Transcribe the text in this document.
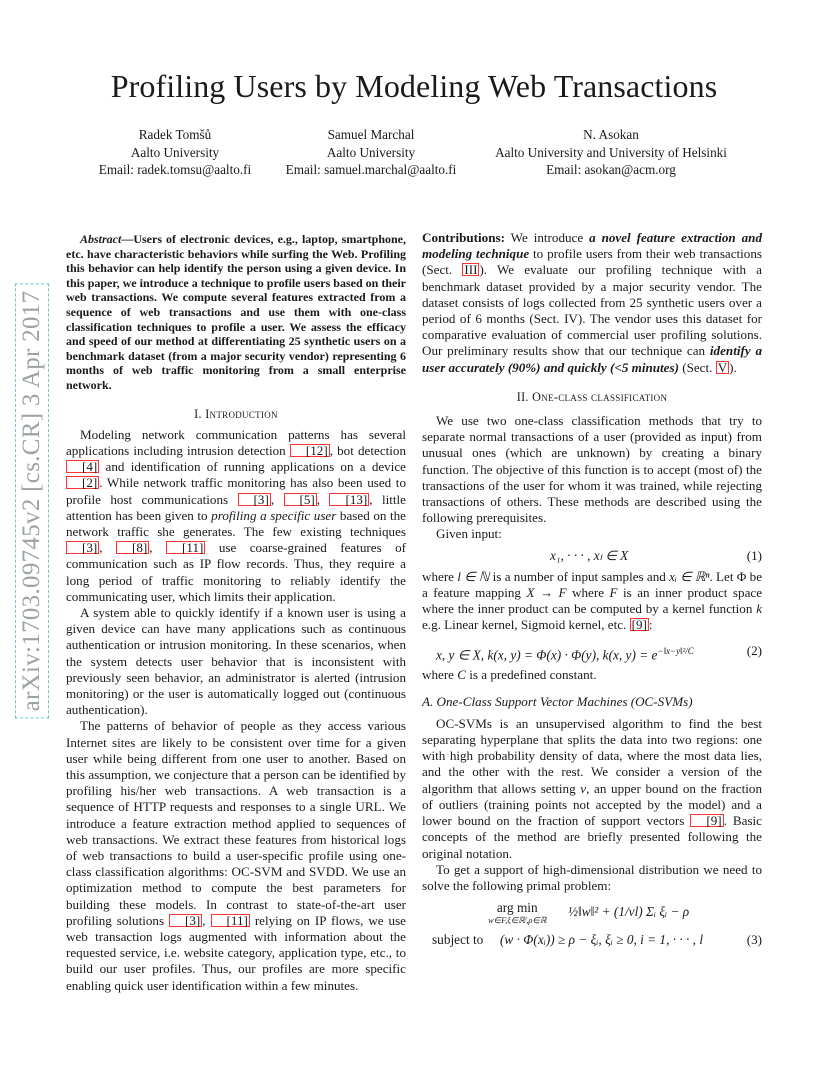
arXiv:1703.09745v2 [cs.CR] 3 Apr 2017
Profiling Users by Modeling Web Transactions
Radek Tomšů
Aalto University
Email: radek.tomsu@aalto.fi
Samuel Marchal
Aalto University
Email: samuel.marchal@aalto.fi
N. Asokan
Aalto University and University of Helsinki
Email: asokan@acm.org

Abstract—Users of electronic devices, e.g., laptop, smartphone, etc. have characteristic behaviors while surfing the Web. Profiling this behavior can help identify the person using a given device. In this paper, we introduce a technique to profile users based on their web transactions. We compute several features extracted from a sequence of web transactions and use them with one-class classification techniques to profile a user. We assess the efficacy and speed of our method at differentiating 25 synthetic users on a benchmark dataset (from a major security vendor) representing 6 months of web traffic monitoring from a small enterprise network.

I. Introduction

Modeling network communication patterns has several applications including intrusion detection [12] , bot detection [4] and identification of running applications on a device [2] . While network traffic monitoring has also been used to profile host communications [3] , [5] , [13] , little attention has been given to profiling a specific user based on the network traffic she generates. The few existing techniques [3] , [8] , [11] use coarse-grained features of communication such as IP flow records. Thus, they require a long period of traffic monitoring to reliably identify the communicating user, which limits their application.

A system able to quickly identify if a known user is using a given device can have many applications such as continuous authentication or intrusion monitoring. In these scenarios, when the system detects user behavior that is inconsistent with previously seen behavior, an administrator is alerted (intrusion monitoring) or the user is automatically logged out (continuous authentication).

The patterns of behavior of people as they access various Internet sites are likely to be consistent over time for a given user while being different from one user to another. Based on this assumption, we conjecture that a person can be identified by profiling his/her web transactions. A web transaction is a sequence of HTTP requests and responses to a single URL. We introduce a feature extraction method applied to sequences of web transactions. We extract these features from historical logs of web transactions to build a user-specific profile using one-class classification algorithms: OC-SVM and SVDD. We use an optimization method to compute the best parameters for building these models. In contrast to state-of-the-art user profiling solutions [3] , [11] relying on IP flows, we use web transaction logs augmented with information about the requested service, i.e. website category, application type, etc., to build our user profiles. Thus, our profiles are more specific enabling quick user identification within a few minutes.

Contributions: We introduce a novel feature extraction and modeling technique to profile users from their web transactions (Sect. III ). We evaluate our profiling technique with a benchmark dataset provided by a major security vendor. The dataset consists of logs collected from 25 synthetic users over a period of 6 months (Sect. IV). The vendor uses this dataset for comparative evaluation of commercial user profiling solutions. Our preliminary results show that our technique can identify a user accurately (90%) and quickly (<5 minutes) (Sect. V ).

II. One-class classification

We use two one-class classification methods that try to separate normal transactions of a user (provided as input) from unusual ones (which are unknown) by creating a binary function. The objective of this function is to accept (most of) the transactions of the user for whom it was trained, while rejecting transactions of others. These methods are described using the following prerequisites.

Given input:

x₁, · · · , xₗ ∈ X	(1)

where l ∈ ℕ is a number of input samples and xᵢ ∈ ℝⁿ. Let Φ be a feature mapping X → F where F is an inner product space where the inner product can be computed by a kernel function k e.g. Linear kernel, Sigmoid kernel, etc. [9] :

x, y ∈ X, k(x, y) = Φ(x) · Φ(y), k(x, $y) = e^{-‖x-y‖^2/C}$	(2)

where C is a predefined constant.

A. One-Class Support Vector Machines (OC-SVMs)

OC-SVMs is an unsupervised algorithm to find the best separating hyperplane that splits the data into two regions: one with high probability density of data, where the most data lies, and the other with the rest. We consider a version of the algorithm that allows setting ν, an upper bound on the fraction of outliers (training points not accepted by the model) and a lower bound on the fraction of support vectors [9] . Basic concepts of the method are briefly presented following the original notation.

To get a support of high-dimensional distribution we need to solve the following primal problem:

arg min
w∈F,ξ∈ℝˡ,ρ∈ℝ
½‖w‖² + (1/νl) Σᵢ ξᵢ − ρ
subject to (w · Φ(xᵢ)) ≥ ρ − ξᵢ, ξᵢ ≥ 0, i = 1, · · · , l	(3)
